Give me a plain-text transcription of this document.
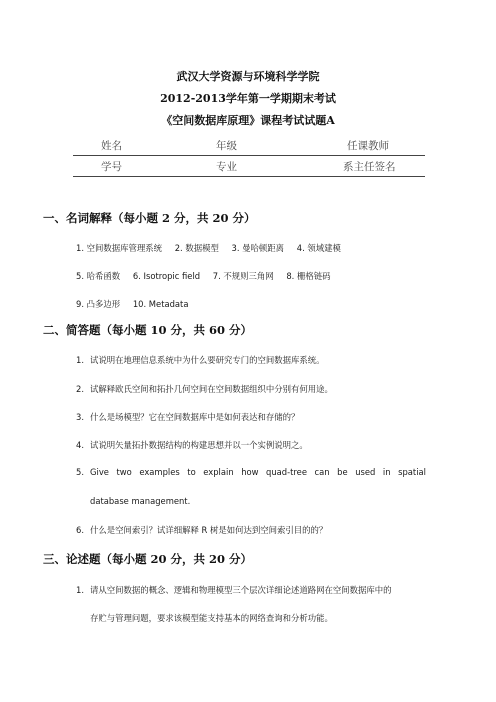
武汉大学资源与环境科学学院
2012-2013学年第一学期期末考试
《空间数据库原理》课程考试试题A
姓名	年级	任课教师
学号	专业	系主任签名
一、名词解释（每小题 2 分，共 20 分）
1. 空间数据库管理系统 2. 数据模型 3. 曼哈顿距离 4. 领域建模
5. 哈希函数 6. Isotropic field 7. 不规则三角网 8. 栅格链码
9. 凸多边形 10. Metadata
二、简答题（每小题 10 分，共 60 分）
1. 试说明在地理信息系统中为什么要研究专门的空间数据库系统。
2. 试解释欧氏空间和拓扑几何空间在空间数据组织中分别有何用途。
3. 什么是场模型？它在空间数据库中是如何表达和存储的？
4. 试说明矢量拓扑数据结构的构建思想并以一个实例说明之。
5. Give two examples to explain how quad-tree can be used in spatial
database management.
6. 什么是空间索引？试详细解释 R 树是如何达到空间索引目的的？
三、论述题（每小题 20 分，共 20 分）
1. 请从空间数据的概念、逻辑和物理模型三个层次详细论述道路网在空间数据库中的
存贮与管理问题，要求该模型能支持基本的网络查询和分析功能。
